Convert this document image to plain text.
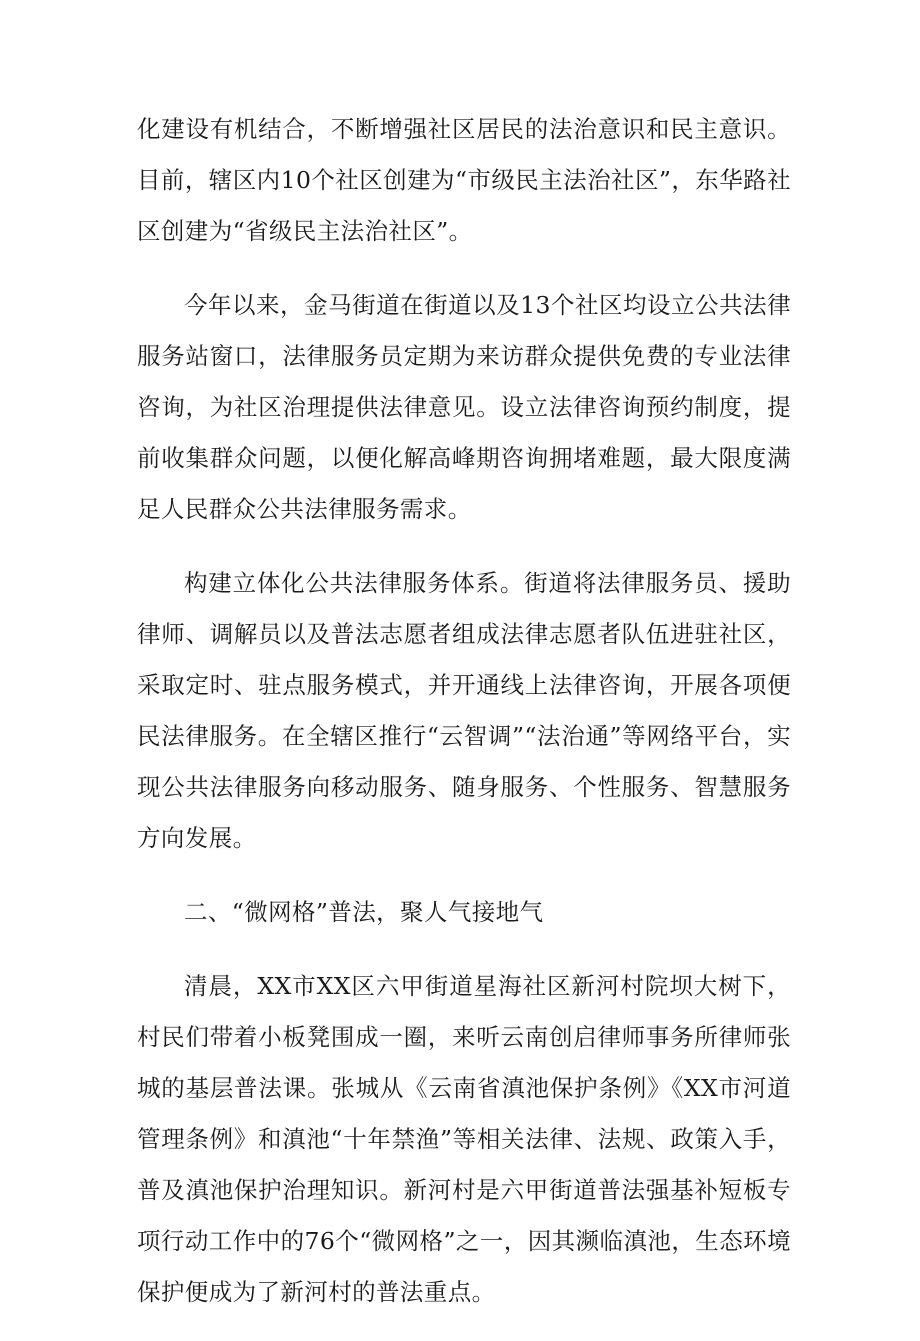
化建设有机结合，不断增强社区居民的法治意识和民主意识。目前，辖区内10个社区创建为“市级民主法治社区”，东华路社区创建为“省级民主法治社区”。

今年以来，金马街道在街道以及13个社区均设立公共法律服务站窗口，法律服务员定期为来访群众提供免费的专业法律咨询，为社区治理提供法律意见。设立法律咨询预约制度，提前收集群众问题，以便化解高峰期咨询拥堵难题，最大限度满足人民群众公共法律服务需求。

构建立体化公共法律服务体系。街道将法律服务员、援助律师、调解员以及普法志愿者组成法律志愿者队伍进驻社区，采取定时、驻点服务模式，并开通线上法律咨询，开展各项便民法律服务。在全辖区推行“云智调”“法治通”等网络平台，实现公共法律服务向移动服务、随身服务、个性服务、智慧服务方向发展。

二、“微网格”普法，聚人气接地气

清晨，XX市XX区六甲街道星海社区新河村院坝大树下，村民们带着小板凳围成一圈，来听云南创启律师事务所律师张城的基层普法课。张城从《云南省滇池保护条例》《XX市河道管理条例》和滇池“十年禁渔”等相关法律、法规、政策入手，普及滇池保护治理知识。新河村是六甲街道普法强基补短板专项行动工作中的76个“微网格”之一，因其濒临滇池，生态环境保护便成为了新河村的普法重点。
